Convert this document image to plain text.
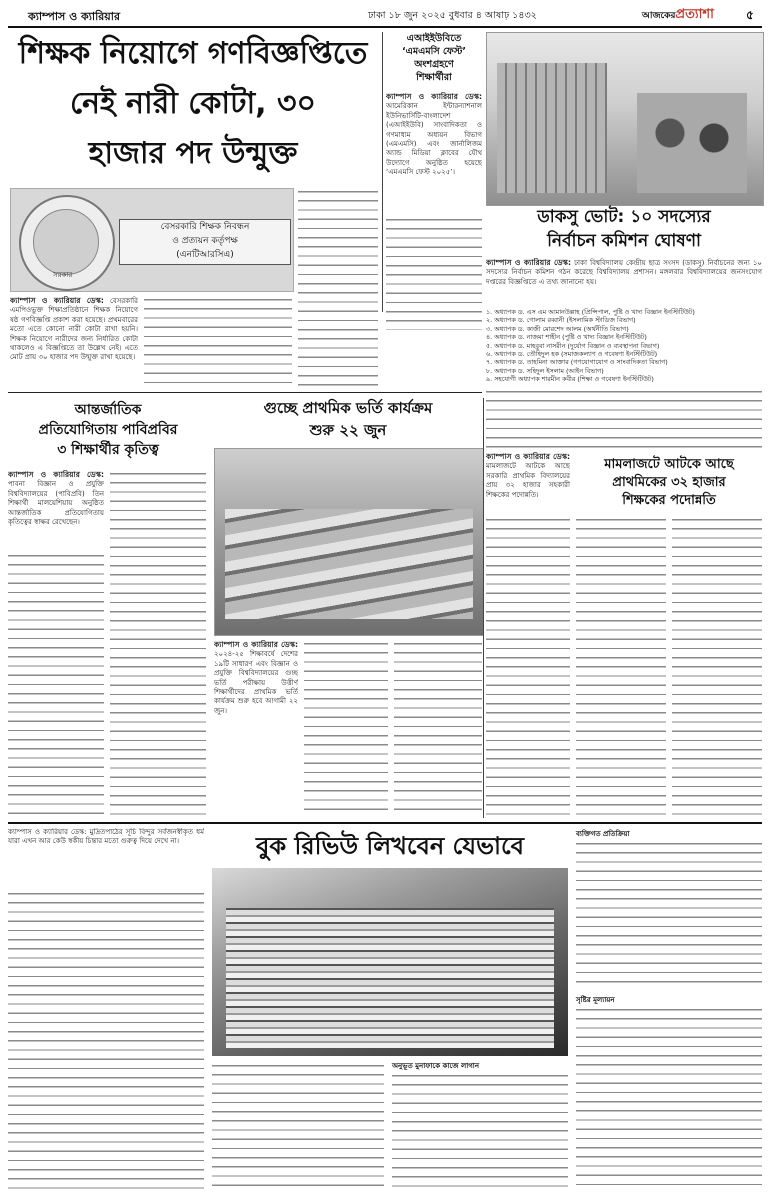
ক্যাম্পাস ও ক্যারিয়ার	ঢাকা ১৮ জুন ২০২৫ বুধবার ৪ আষাঢ় ১৪৩২	আজকেরপ্রত্যাশা	৫
শিক্ষক নিয়োগে গণবিজ্ঞপ্তিতে
নেই নারী কোটা, ৩০
হাজার পদ উন্মুক্ত
সরকার
বেসরকারি শিক্ষক নিবন্ধন
ও প্রত্যয়ন কর্তৃপক্ষ
(এনটিআরসিএ)
ক্যাম্পাস ও ক্যারিয়ার ডেস্ক: বেসরকারি এমপিওভুক্ত শিক্ষাপ্রতিষ্ঠানে শিক্ষক নিয়োগে ষষ্ঠ গণবিজ্ঞপ্তি প্রকাশ করা হয়েছে। প্রথমবারের মতো এতে কোনো নারী কোটা রাখা হয়নি। শিক্ষক নিয়োগে নারীদের জন্য নির্ধারিত কোটা থাকলেও এ বিজ্ঞপ্তিতে তা উল্লেখ নেই। এতে মোট প্রায় ৩০ হাজার পদ উন্মুক্ত রাখা হয়েছে।
এআইইউবিতে
‘এমএমসি ফেস্ট’
অংশগ্রহণে
শিক্ষার্থীরা
ক্যাম্পাস ও ক্যারিয়ার ডেস্ক: আমেরিকান ইন্টারন্যাশনাল ইউনিভার্সিটি-বাংলাদেশ (এআইইউবি) সাংবাদিকতা ও গণমাধ্যম অধ্যয়ন বিভাগ (এমএমসি) এবং জার্নালিজম অ্যান্ড মিডিয়া ক্লাবের যৌথ উদ্যোগে অনুষ্ঠিত হয়েছে ‘এমএমসি ফেস্ট ২০২৫’।
ডাকসু ভোট: ১০ সদস্যের
নির্বাচন কমিশন ঘোষণা
ক্যাম্পাস ও ক্যারিয়ার ডেস্ক: ঢাকা বিশ্ববিদ্যালয় কেন্দ্রীয় ছাত্র সংসদ (ডাকসু) নির্বাচনের জন্য ১০ সদস্যের নির্বাচন কমিশন গঠন করেছে বিশ্ববিদ্যালয় প্রশাসন। মঙ্গলবার বিশ্ববিদ্যালয়ের জনসংযোগ দপ্তরের বিজ্ঞপ্তিতে এ তথ্য জানানো হয়।
১. অধ্যাপক ড. এস এম আমানউল্লাহ (প্রিন্সিপাল, পুষ্টি ও খাদ্য বিজ্ঞান ইনস্টিটিউট)
২. অধ্যাপক ড. গোলাম রব্বানী (ইসলামিক স্টাডিজ বিভাগ)
৩. অধ্যাপক ড. কাজী মোরশেদ আলম (অর্থনীতি বিভাগ)
৪. অধ্যাপক ড. নাজমা শাহীন (পুষ্টি ও খাদ্য বিজ্ঞান ইনস্টিটিউট)
৫. অধ্যাপক ড. মাহবুবা নাসরীন (দুর্যোগ বিজ্ঞান ও ব্যবস্থাপনা বিভাগ)
৬. অধ্যাপক ড. তৌহিদুল হক (সমাজকল্যাণ ও গবেষণা ইনস্টিটিউট)
৭. অধ্যাপক ড. তাহমিনা আক্তার (গণযোগাযোগ ও সাংবাদিকতা বিভাগ)
৮. অধ্যাপক ড. সহিদুল ইসলাম (আইন বিভাগ)
৯. সহযোগী অধ্যাপক শারমীন কবীর (শিক্ষা ও গবেষণা ইনস্টিটিউট)
আন্তর্জাতিক
প্রতিযোগিতায় পাবিপ্রবির
৩ শিক্ষার্থীর কৃতিত্ব
ক্যাম্পাস ও ক্যারিয়ার ডেস্ক: পাবনা বিজ্ঞান ও প্রযুক্তি বিশ্ববিদ্যালয়ের (পাবিপ্রবি) তিন শিক্ষার্থী মালয়েশিয়ায় অনুষ্ঠিত আন্তর্জাতিক প্রতিযোগিতায় কৃতিত্বের স্বাক্ষর রেখেছেন।
গুচ্ছে প্রাথমিক ভর্তি কার্যক্রম
শুরু ২২ জুন
ক্যাম্পাস ও ক্যারিয়ার ডেস্ক: ২০২৪-২৫ শিক্ষাবর্ষে দেশের ১৯টি সাধারণ এবং বিজ্ঞান ও প্রযুক্তি বিশ্ববিদ্যালয়ের গুচ্ছ ভর্তি পরীক্ষায় উত্তীর্ণ শিক্ষার্থীদের প্রাথমিক ভর্তি কার্যক্রম শুরু হবে আগামী ২২ জুন।
ক্যাম্পাস ও ক্যারিয়ার ডেস্ক: মামলাজটে আটকে আছে সরকারি প্রাথমিক বিদ্যালয়ের প্রায় ৩২ হাজার সহকারী শিক্ষকের পদোন্নতি।
মামলাজটে আটকে আছে
প্রাথমিকের ৩২ হাজার
শিক্ষকের পদোন্নতি
ক্যাম্পাস ও ক্যারিয়ার ডেস্ক: মুদ্রিতপাঠের সূচি বিন্দুর সর্বজনস্বীকৃত ধর্ম যারা এখন আর কেউ স্বকীয় চিন্তার মতো গুরুত্ব দিয়ে দেখে না।	বুক রিভিউ লিখবেন যেভাবে
অনুভূত মুনাফাকে কাজে লাগান
ব্যক্তিগত প্রতিক্রিয়া
সৃষ্টির মূল্যায়ন
